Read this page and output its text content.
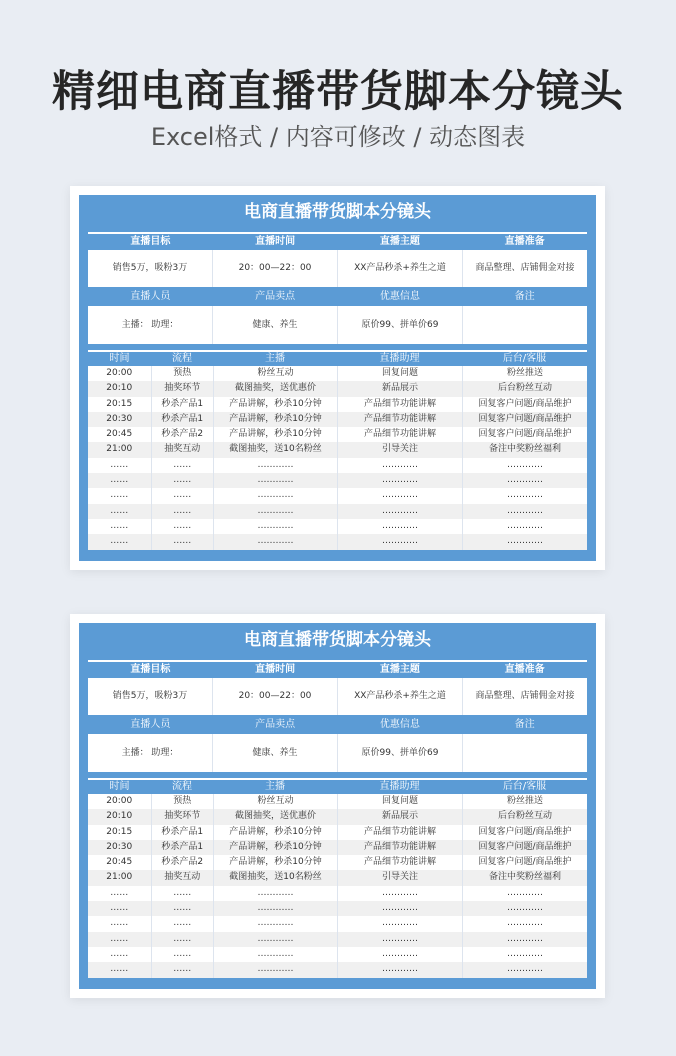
精细电商直播带货脚本分镜头
Excel格式 / 内容可修改 / 动态图表
电商直播带货脚本分镜头
直播目标	直播时间	直播主题	直播准备
销售5万，吸粉3万	20：00—22：00	XX产品秒杀+养生之道	商品整理、店铺佣金对接
直播人员	产品卖点	优惠信息	备注
主播： 助理：	健康、养生	原价99、拼单价69
时间	流程	主播	直播助理	后台/客服
20:00	预热	粉丝互动	回复问题	粉丝推送
20:10	抽奖环节	截图抽奖，送优惠价	新品展示	后台粉丝互动
20:15	秒杀产品1	产品讲解，秒杀10分钟	产品细节功能讲解	回复客户问题/商品维护
20:30	秒杀产品1	产品讲解，秒杀10分钟	产品细节功能讲解	回复客户问题/商品维护
20:45	秒杀产品2	产品讲解，秒杀10分钟	产品细节功能讲解	回复客户问题/商品维护
21:00	抽奖互动	截图抽奖，送10名粉丝	引导关注	备注中奖粉丝福利
……	……	…………	…………	…………
……	……	…………	…………	…………
……	……	…………	…………	…………
……	……	…………	…………	…………
……	……	…………	…………	…………
……	……	…………	…………	…………
电商直播带货脚本分镜头
直播目标	直播时间	直播主题	直播准备
销售5万，吸粉3万	20：00—22：00	XX产品秒杀+养生之道	商品整理、店铺佣金对接
直播人员	产品卖点	优惠信息	备注
主播： 助理：	健康、养生	原价99、拼单价69
时间	流程	主播	直播助理	后台/客服
20:00	预热	粉丝互动	回复问题	粉丝推送
20:10	抽奖环节	截图抽奖，送优惠价	新品展示	后台粉丝互动
20:15	秒杀产品1	产品讲解，秒杀10分钟	产品细节功能讲解	回复客户问题/商品维护
20:30	秒杀产品1	产品讲解，秒杀10分钟	产品细节功能讲解	回复客户问题/商品维护
20:45	秒杀产品2	产品讲解，秒杀10分钟	产品细节功能讲解	回复客户问题/商品维护
21:00	抽奖互动	截图抽奖，送10名粉丝	引导关注	备注中奖粉丝福利
……	……	…………	…………	…………
……	……	…………	…………	…………
……	……	…………	…………	…………
……	……	…………	…………	…………
……	……	…………	…………	…………
……	……	…………	…………	…………
